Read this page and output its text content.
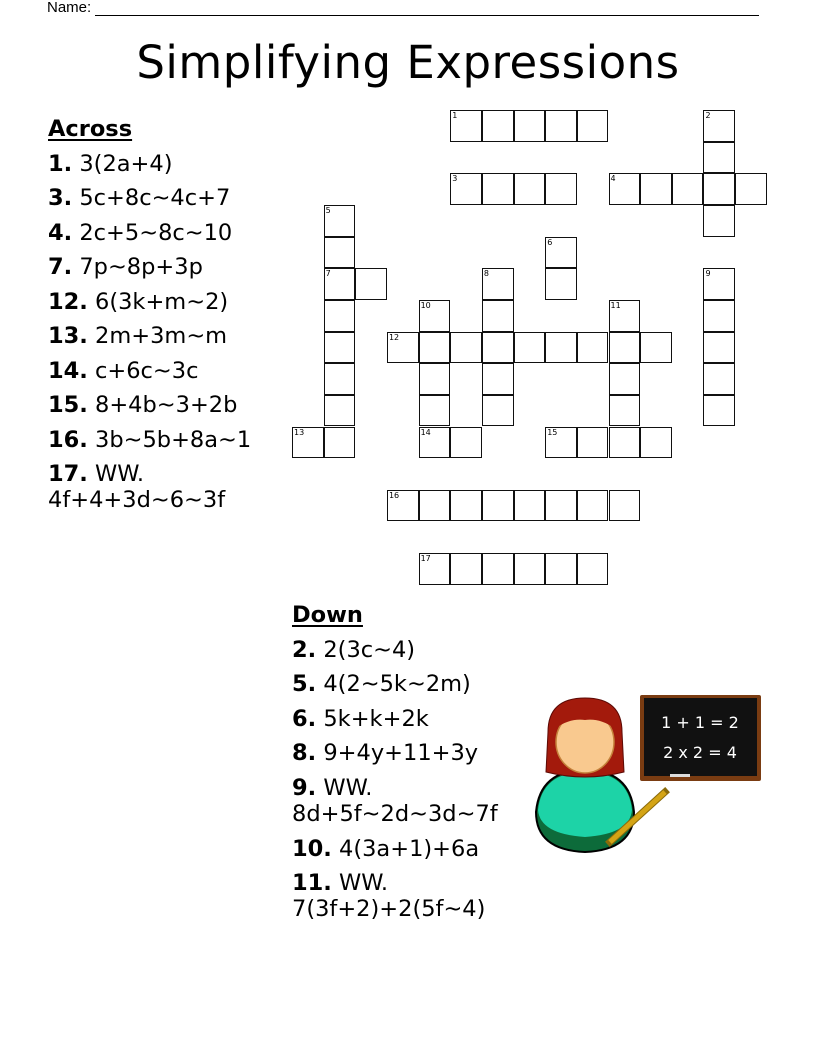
Name:
Simplifying Expressions
Across
1. 3(2a+4)
3. 5c+8c~4c+7
4. 2c+5~8c~10
7. 7p~8p+3p
12. 6(3k+m~2)
13. 2m+3m~m
14. c+6c~3c
15. 8+4b~3+2b
16. 3b~5b+8a~1
17. WW. 4f+4+3d~6~3f
1	2
3	4
5
7
6
8	9
10
14
11
12
13	15
16
17
Down
2. 2(3c~4)
5. 4(2~5k~2m)
6. 5k+k+2k
8. 9+4y+11+3y
9. WW. 8d+5f~2d~3d~7f
10. 4(3a+1)+6a
11. WW. 7(3f+2)+2(5f~4)
1 + 1 = 2
2 x 2 = 4
